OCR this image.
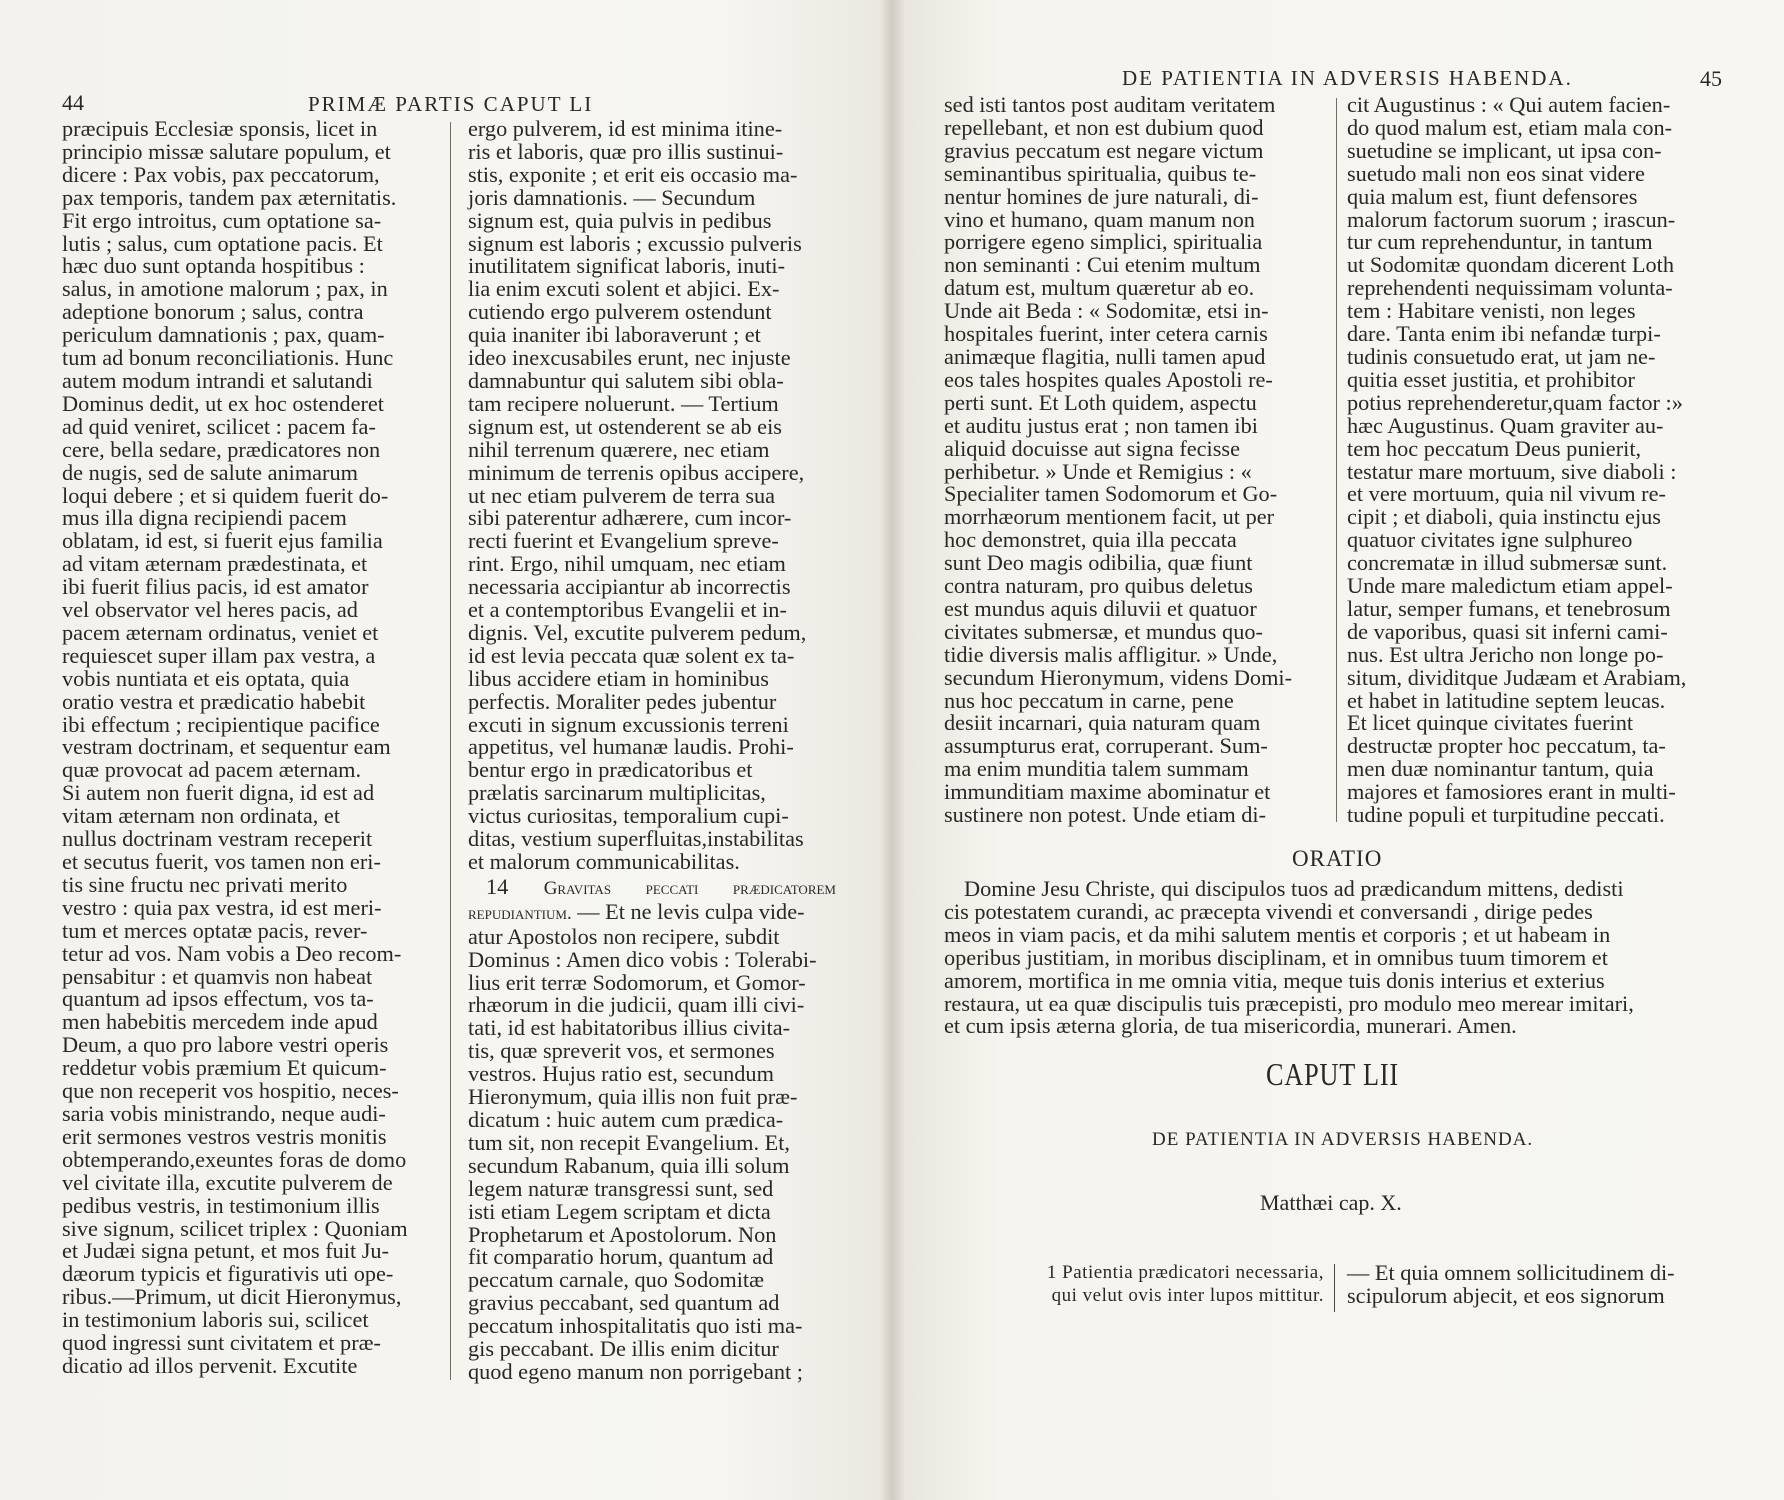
44	PRIMÆ PARTIS CAPUT LI

præcipuis Ecclesiæ sponsis, licet in
principio missæ salutare populum, et
dicere : Pax vobis, pax peccatorum,
pax temporis, tandem pax æternitatis.
Fit ergo introitus, cum optatione sa-
lutis ; salus, cum optatione pacis. Et
hæc duo sunt optanda hospitibus :
salus, in amotione malorum ; pax, in
adeptione bonorum ; salus, contra
periculum damnationis ; pax, quam-
tum ad bonum reconciliationis. Hunc
autem modum intrandi et salutandi
Dominus dedit, ut ex hoc ostenderet
ad quid veniret, scilicet : pacem fa-
cere, bella sedare, prædicatores non
de nugis, sed de salute animarum
loqui debere ; et si quidem fuerit do-
mus illa digna recipiendi pacem
oblatam, id est, si fuerit ejus familia
ad vitam æternam prædestinata, et
ibi fuerit filius pacis, id est amator
vel observator vel heres pacis, ad
pacem æternam ordinatus, veniet et
requiescet super illam pax vestra, a
vobis nuntiata et eis optata, quia
oratio vestra et prædicatio habebit
ibi effectum ; recipientique pacifice
vestram doctrinam, et sequentur eam
quæ provocat ad pacem æternam.
Si autem non fuerit digna, id est ad
vitam æternam non ordinata, et
nullus doctrinam vestram receperit
et secutus fuerit, vos tamen non eri-
tis sine fructu nec privati merito
vestro : quia pax vestra, id est meri-
tum et merces optatæ pacis, rever-
tetur ad vos. Nam vobis a Deo recom-
pensabitur : et quamvis non habeat
quantum ad ipsos effectum, vos ta-
men habebitis mercedem inde apud
Deum, a quo pro labore vestri operis
reddetur vobis præmium Et quicum-
que non receperit vos hospitio, neces-
saria vobis ministrando, neque audi-
erit sermones vestros vestris monitis
obtemperando,exeuntes foras de domo
vel civitate illa, excutite pulverem de
pedibus vestris, in testimonium illis
sive signum, scilicet triplex : Quoniam
et Judæi signa petunt, et mos fuit Ju-
dæorum typicis et figurativis uti ope-
ribus.—Primum, ut dicit Hieronymus,
in testimonium laboris sui, scilicet
quod ingressi sunt civitatem et præ-
dicatio ad illos pervenit. Excutite

ergo pulverem, id est minima itine-
ris et laboris, quæ pro illis sustinui-
stis, exponite ; et erit eis occasio ma-
joris damnationis. — Secundum
signum est, quia pulvis in pedibus
signum est laboris ; excussio pulveris
inutilitatem significat laboris, inuti-
lia enim excuti solent et abjici. Ex-
cutiendo ergo pulverem ostendunt
quia inaniter ibi laboraverunt ; et
ideo inexcusabiles erunt, nec injuste
damnabuntur qui salutem sibi obla-
tam recipere noluerunt. — Tertium
signum est, ut ostenderent se ab eis
nihil terrenum quærere, nec etiam
minimum de terrenis opibus accipere,
ut nec etiam pulverem de terra sua
sibi paterentur adhærere, cum incor-
recti fuerint et Evangelium spreve-
rint. Ergo, nihil umquam, nec etiam
necessaria accipiantur ab incorrectis
et a contemptoribus Evangelii et in-
dignis. Vel, excutite pulverem pedum,
id est levia peccata quæ solent ex ta-
libus accidere etiam in hominibus
perfectis. Moraliter pedes jubentur
excuti in signum excussionis terreni
appetitus, vel humanæ laudis. Prohi-
bentur ergo in prædicatoribus et
prælatis sarcinarum multiplicitas,
victus curiositas, temporalium cupi-
ditas, vestium superfluitas,instabilitas
et malorum communicabilitas.

14 Gravitas peccati prædicatorem repudiantium. — Et ne levis culpa vide-
atur Apostolos non recipere, subdit
Dominus : Amen dico vobis : Tolerabi-
lius erit terræ Sodomorum, et Gomor-
rhæorum in die judicii, quam illi civi-
tati, id est habitatoribus illius civita-
tis, quæ spreverit vos, et sermones
vestros. Hujus ratio est, secundum
Hieronymum, quia illis non fuit præ-
dicatum : huic autem cum prædica-
tum sit, non recepit Evangelium. Et,
secundum Rabanum, quia illi solum
legem naturæ transgressi sunt, sed
isti etiam Legem scriptam et dicta
Prophetarum et Apostolorum. Non
fit comparatio horum, quantum ad
peccatum carnale, quo Sodomitæ
gravius peccabant, sed quantum ad
peccatum inhospitalitatis quo isti ma-
gis peccabant. De illis enim dicitur
quod egeno manum non porrigebant ;

DE PATIENTIA IN ADVERSIS HABENDA.	45

sed isti tantos post auditam veritatem
repellebant, et non est dubium quod
gravius peccatum est negare victum
seminantibus spiritualia, quibus te-
nentur homines de jure naturali, di-
vino et humano, quam manum non
porrigere egeno simplici, spiritualia
non seminanti : Cui etenim multum
datum est, multum quæretur ab eo.
Unde ait Beda : « Sodomitæ, etsi in-
hospitales fuerint, inter cetera carnis
animæque flagitia, nulli tamen apud
eos tales hospites quales Apostoli re-
perti sunt. Et Loth quidem, aspectu
et auditu justus erat ; non tamen ibi
aliquid docuisse aut signa fecisse
perhibetur. » Unde et Remigius : «
Specialiter tamen Sodomorum et Go-
morrhæorum mentionem facit, ut per
hoc demonstret, quia illa peccata
sunt Deo magis odibilia, quæ fiunt
contra naturam, pro quibus deletus
est mundus aquis diluvii et quatuor
civitates submersæ, et mundus quo-
tidie diversis malis affligitur. » Unde,
secundum Hieronymum, videns Domi-
nus hoc peccatum in carne, pene
desiit incarnari, quia naturam quam
assumpturus erat, corruperant. Sum-
ma enim munditia talem summam
immunditiam maxime abominatur et
sustinere non potest. Unde etiam di-

cit Augustinus : « Qui autem facien-
do quod malum est, etiam mala con-
suetudine se implicant, ut ipsa con-
suetudo mali non eos sinat videre
quia malum est, fiunt defensores
malorum factorum suorum ; irascun-
tur cum reprehenduntur, in tantum
ut Sodomitæ quondam dicerent Loth
reprehendenti nequissimam volunta-
tem : Habitare venisti, non leges
dare. Tanta enim ibi nefandæ turpi-
tudinis consuetudo erat, ut jam ne-
quitia esset justitia, et prohibitor
potius reprehenderetur,quam factor :»
hæc Augustinus. Quam graviter au-
tem hoc peccatum Deus punierit,
testatur mare mortuum, sive diaboli :
et vere mortuum, quia nil vivum re-
cipit ; et diaboli, quia instinctu ejus
quatuor civitates igne sulphureo
concrematæ in illud submersæ sunt.
Unde mare maledictum etiam appel-
latur, semper fumans, et tenebrosum
de vaporibus, quasi sit inferni cami-
nus. Est ultra Jericho non longe po-
situm, dividitque Judæam et Arabiam,
et habet in latitudine septem leucas.
Et licet quinque civitates fuerint
destructæ propter hoc peccatum, ta-
men duæ nominantur tantum, quia
majores et famosiores erant in multi-
tudine populi et turpitudine peccati.

ORATIO
Domine Jesu Christe, qui discipulos tuos ad prædicandum mittens, dedisti
cis potestatem curandi, ac præcepta vivendi et conversandi , dirige pedes
meos in viam pacis, et da mihi salutem mentis et corporis ; et ut habeam in
operibus justitiam, in moribus disciplinam, et in omnibus tuum timorem et
amorem, mortifica in me omnia vitia, meque tuis donis interius et exterius
restaura, ut ea quæ discipulis tuis præcepisti, pro modulo meo merear imitari,
et cum ipsis æterna gloria, de tua misericordia, munerari. Amen.
CAPUT LII
DE PATIENTIA IN ADVERSIS HABENDA.
Matthæi cap. X.
1 Patientia prædicatori necessaria,
qui velut ovis inter lupos mittitur.
— Et quia omnem sollicitudinem di-
scipulorum abjecit, et eos signorum
